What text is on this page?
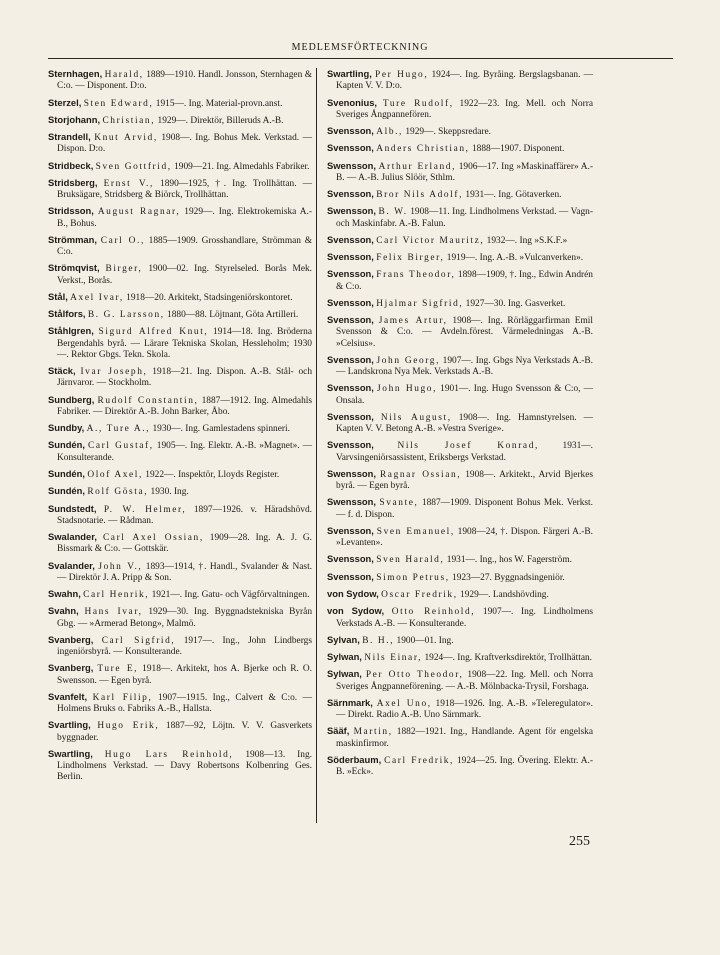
MEDLEMSFÖRTECKNING

Sternhagen, Harald, 1889—1910. Handl. Jonsson, Sternhagen & C:o. — Disponent. D:o.

Sterzel, Sten Edward, 1915—. Ing. Material-provn.anst.

Storjohann, Christian, 1929—. Direktör, Billeruds A.-B.

Strandell, Knut Arvid, 1908—. Ing. Bohus Mek. Verkstad. — Dispon. D:o.

Stridbeck, Sven Gottfrid, 1909—21. Ing. Almedahls Fabriker.

Stridsberg, Ernst V., 1890—1925, †. Ing. Trollhättan. — Bruksägare, Stridsberg & Biörck, Trollhättan.

Stridsson, August Ragnar, 1929—. Ing. Elektrokemiska A.-B., Bohus.

Strömman, Carl O., 1885—1909. Grosshandlare, Strömman & C:o.

Strömqvist, Birger, 1900—02. Ing. Styrelseled. Borås Mek. Verkst., Borås.

Stål, Axel Ivar, 1918—20. Arkitekt, Stadsingeniörskontoret.

Stålfors, B. G. Larsson, 1880—88. Löjtnant, Göta Artilleri.

Ståhlgren, Sigurd Alfred Knut, 1914—18. Ing. Bröderna Bergendahls byrå. — Lärare Tekniska Skolan, Hessleholm; 1930—. Rektor Gbgs. Tekn. Skola.

Stäck, Ivar Joseph, 1918—21. Ing. Dispon. A.-B. Stål- och Järnvaror. — Stockholm.

Sundberg, Rudolf Constantin, 1887—1912. Ing. Almedahls Fabriker. — Direktör A.-B. John Barker, Åbo.

Sundby, A., Ture A., 1930—. Ing. Gamlestadens spinneri.

Sundén, Carl Gustaf, 1905—. Ing. Elektr. A.-B. »Magnet». — Konsulterande.

Sundén, Olof Axel, 1922—. Inspektör, Lloyds Register.

Sundén, Rolf Gösta, 1930. Ing.

Sundstedt, P. W. Helmer, 1897—1926. v. Häradshövd. Stadsnotarie. — Rådman.

Swalander, Carl Axel Ossian, 1909—28. Ing. A. J. G. Bissmark & C:o. — Gottskär.

Svalander, John V., 1893—1914, †. Handl., Svalander & Nast. — Direktör J. A. Pripp & Son.

Swahn, Carl Henrik, 1921—. Ing. Gatu- och Vägförvaltningen.

Svahn, Hans Ivar, 1929—30. Ing. Byggnadstekniska Byrån Gbg. — »Armerad Betong», Malmö.

Svanberg, Carl Sigfrid, 1917—. Ing., John Lindbergs ingeniörsbyrå. — Konsulterande.

Svanberg, Ture E, 1918—. Arkitekt, hos A. Bjerke och R. O. Swensson. — Egen byrå.

Svanfelt, Karl Filip, 1907—1915. Ing., Calvert & C:o. — Holmens Bruks o. Fabriks A.-B., Hallsta.

Svartling, Hugo Erik, 1887—92, Löjtn. V. V. Gasverkets byggnader.

Swartling, Hugo Lars Reinhold, 1908—13. Ing. Lindholmens Verkstad. — Davy Robertsons Kolbenring Ges. Berlin.

Swartling, Per Hugo, 1924—. Ing. Byråing. Bergslagsbanan. — Kapten V. V. D:o.

Svenonius, Ture Rudolf, 1922—23. Ing. Mell. och Norra Sveriges Ångpannefören.

Svensson, Alb., 1929—. Skeppsredare.

Svensson, Anders Christian, 1888—1907. Disponent.

Swensson, Arthur Erland, 1906—17. Ing »Maskinaffärer» A.-B. — A.-B. Julius Slöör, Sthlm.

Svensson, Bror Nils Adolf, 1931—. Ing. Götaverken.

Swensson, B. W. 1908—11. Ing. Lindholmens Verkstad. — Vagn- och Maskinfabr. A.-B. Falun.

Svensson, Carl Victor Mauritz, 1932—. Ing »S.K.F.»

Svensson, Felix Birger, 1919—. Ing. A.-B. »Vulcanverken».

Svensson, Frans Theodor, 1898—1909, †. Ing., Edwin Andrén & C:o.

Svensson, Hjalmar Sigfrid, 1927—30. Ing. Gasverket.

Svensson, James Artur, 1908—. Ing. Rörläggarfirman Emil Svensson & C:o. — Avdeln.förest. Värmeledningas A.-B. »Celsius».

Svensson, John Georg, 1907—. Ing. Gbgs Nya Verkstads A.-B. — Landskrona Nya Mek. Verkstads A.-B.

Svensson, John Hugo, 1901—. Ing. Hugo Svensson & C:o, — Onsala.

Svensson, Nils August, 1908—. Ing. Hamnstyrelsen. — Kapten V. V. Betong A.-B. »Vestra Sverige».

Svensson,	Nils Josef Konrad,	1931—. Varvsingeniörsassistent, Eriksbergs Verkstad.

Swensson, Ragnar Ossian, 1908—. Arkitekt., Arvid Bjerkes byrå. — Egen byrå.

Swensson, Svante, 1887—1909. Disponent Bohus Mek. Verkst. — f. d. Dispon.

Svensson, Sven Emanuel, 1908—24, †. Dispon. Färgeri A.-B. »Levanten».

Svensson, Sven Harald, 1931—. Ing., hos W. Fagerström.

Svensson, Simon Petrus, 1923—27. Byggnadsingeniör.

von Sydow, Oscar Fredrik, 1929—. Landshövding.

von Sydow, Otto Reinhold, 1907—. Ing. Lindholmens Verkstads A.-B. — Konsulterande.

Sylvan, B. H., 1900—01. Ing.

Sylwan, Nils Einar, 1924—. Ing. Kraftverksdirektör, Trollhättan.

Sylwan, Per Otto Theodor, 1908—22. Ing. Mell. och Norra Sveriges Ångpanneförening. — A.-B. Mölnbacka-Trysil, Forshaga.

Särnmark, Axel Uno, 1918—1926. Ing. A.-B. »Teleregulator». — Direkt. Radio A.-B. Uno Särnmark.

Sääf, Martin, 1882—1921. Ing., Handlande. Agent för engelska maskinfirmor.

Söderbaum, Carl Fredrik, 1924—25. Ing. Övering. Elektr. A.-B. »Eck».

255
